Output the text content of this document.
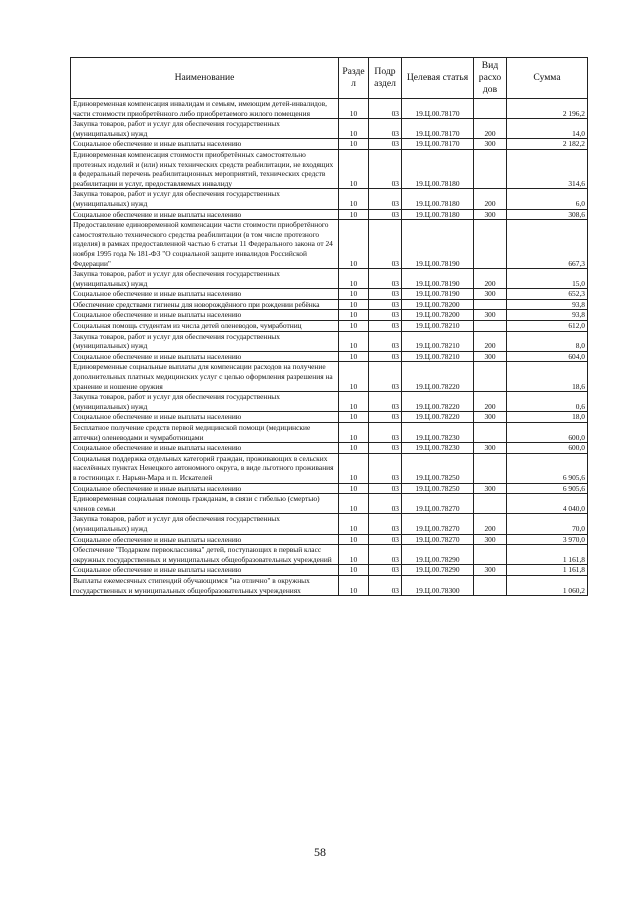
Наименование	Разде л	Подр аздел	Целевая статья	Вид расхо дов	Сумма
Единовременная компенсация инвалидам и семьям, имеющим детей-инвалидов, части стоимости приобретённого либо приобретаемого жилого помещения	10	03	19.Ц.00.78170		2 196,2
Закупка товаров, работ и услуг для обеспечения государственных (муниципальных) нужд	10	03	19.Ц.00.78170	200	14,0
Социальное обеспечение и иные выплаты населению	10	03	19.Ц.00.78170	300	2 182,2
Единовременная компенсация стоимости приобретённых самостоятельно протезных изделий и (или) иных технических средств реабилитации, не входящих в федеральный перечень реабилитационных мероприятий, технических средств реабилитации и услуг, предоставляемых инвалиду	10	03	19.Ц.00.78180		314,6
Закупка товаров, работ и услуг для обеспечения государственных (муниципальных) нужд	10	03	19.Ц.00.78180	200	6,0
Социальное обеспечение и иные выплаты населению	10	03	19.Ц.00.78180	300	308,6
Предоставление единовременной компенсации части стоимости приобретённого самостоятельно технического средства реабилитации (в том числе протезного изделия) в рамках предоставленной частью 6 статьи 11 Федерального закона от 24 ноября 1995 года № 181-ФЗ "О социальной защите инвалидов Российской Федерации"	10	03	19.Ц.00.78190		667,3
Закупка товаров, работ и услуг для обеспечения государственных (муниципальных) нужд	10	03	19.Ц.00.78190	200	15,0
Социальное обеспечение и иные выплаты населению	10	03	19.Ц.00.78190	300	652,3
Обеспечение средствами гигиены для новорождённого при рождении ребёнка	10	03	19.Ц.00.78200		93,8
Социальное обеспечение и иные выплаты населению	10	03	19.Ц.00.78200	300	93,8
Социальная помощь студентам из числа детей оленеводов, чумработниц	10	03	19.Ц.00.78210		612,0
Закупка товаров, работ и услуг для обеспечения государственных (муниципальных) нужд	10	03	19.Ц.00.78210	200	8,0
Социальное обеспечение и иные выплаты населению	10	03	19.Ц.00.78210	300	604,0
Единовременные социальные выплаты для компенсации расходов на получение дополнительных платных медицинских услуг с целью оформления разрешения на хранение и ношение оружия	10	03	19.Ц.00.78220		18,6
Закупка товаров, работ и услуг для обеспечения государственных (муниципальных) нужд	10	03	19.Ц.00.78220	200	0,6
Социальное обеспечение и иные выплаты населению	10	03	19.Ц.00.78220	300	18,0
Бесплатное получение средств первой медицинской помощи (медицинские аптечки) оленеводами и чумработницами	10	03	19.Ц.00.78230		600,0
Социальное обеспечение и иные выплаты населению	10	03	19.Ц.00.78230	300	600,0
Социальная поддержка отдельных категорий граждан, проживающих в сельских населённых пунктах Ненецкого автономного округа, в виде льготного проживания в гостиницах г. Нарьян-Мара и п. Искателей	10	03	19.Ц.00.78250		6 905,6
Социальное обеспечение и иные выплаты населению	10	03	19.Ц.00.78250	300	6 905,6
Единовременная социальная помощь гражданам, в связи с гибелью (смертью) членов семьи	10	03	19.Ц.00.78270		4 040,0
Закупка товаров, работ и услуг для обеспечения государственных (муниципальных) нужд	10	03	19.Ц.00.78270	200	70,0
Социальное обеспечение и иные выплаты населению	10	03	19.Ц.00.78270	300	3 970,0
Обеспечение "Подарком первоклассника" детей, поступающих в первый класс окружных государственных и муниципальных общеобразовательных учреждений	10	03	19.Ц.00.78290		1 161,8
Социальное обеспечение и иные выплаты населению	10	03	19.Ц.00.78290	300	1 161,8
Выплаты ежемесячных стипендий обучающимся "на отлично" в окружных государственных и муниципальных общеобразовательных учреждениях	10	03	19.Ц.00.78300		1 060,2
58
